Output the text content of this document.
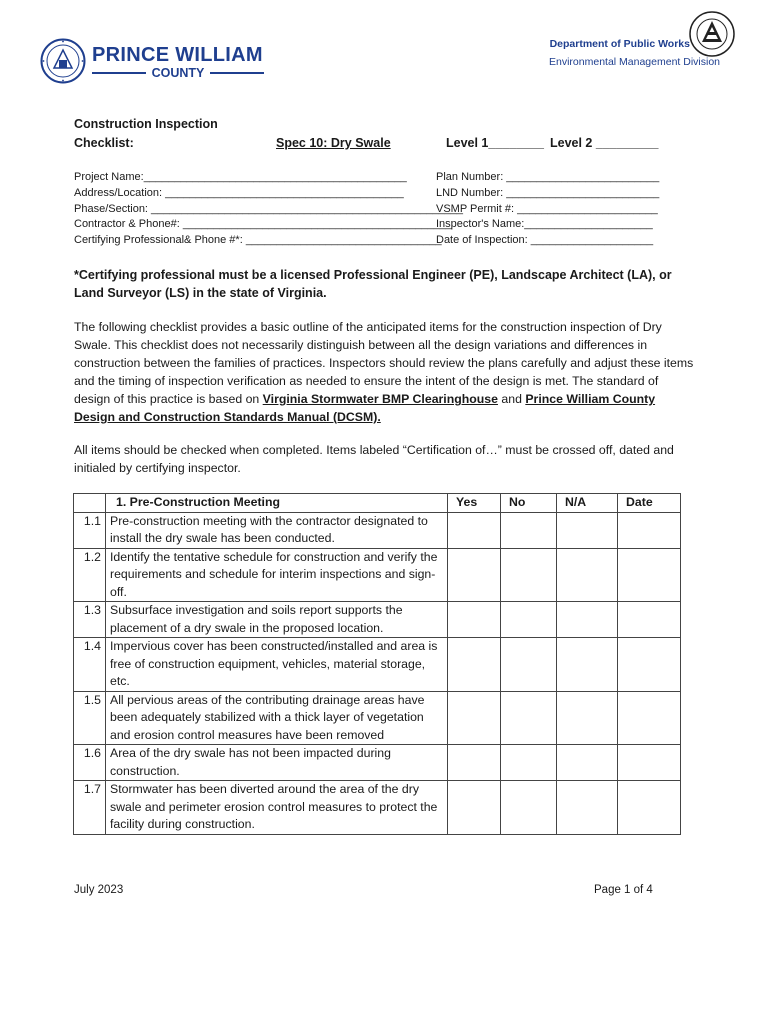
PRINCE WILLIAM
COUNTY
Department of Public Works
Environmental Management Division
Construction Inspection
Checklist:	Spec 10: Dry Swale	Level 1________ Level 2 _________
Project Name:___________________________________________
Address/Location: _______________________________________
Phase/Section: ___________________________________________________
Contractor & Phone#: ____________________________________________
Certifying Professional& Phone #*: ________________________________
Plan Number: _________________________
LND Number: _________________________
VSMP Permit #: _______________________
Inspector's Name:_____________________
Date of Inspection: ____________________
*Certifying professional must be a licensed Professional Engineer (PE), Landscape Architect (LA), or Land Surveyor (LS) in the state of Virginia.
The following checklist provides a basic outline of the anticipated items for the construction inspection of Dry Swale. This checklist does not necessarily distinguish between all the design variations and differences in construction between the families of practices. Inspectors should review the plans carefully and adjust these items and the timing of inspection verification as needed to ensure the intent of the design is met. The standard of design of this practice is based on Virginia Stormwater BMP Clearinghouse and Prince William County Design and Construction Standards Manual (DCSM).
All items should be checked when completed. Items labeled “Certification of…” must be crossed off, dated and initialed by certifying inspector.
	1. Pre-Construction Meeting	Yes	No	N/A	Date
1.1	Pre-construction meeting with the contractor designated to install the dry swale has been conducted.				
1.2	Identify the tentative schedule for construction and verify the requirements and schedule for interim inspections and sign-off.				
1.3	Subsurface investigation and soils report supports the placement of a dry swale in the proposed location.				
1.4	Impervious cover has been constructed/installed and area is free of construction equipment, vehicles, material storage, etc.				
1.5	All pervious areas of the contributing drainage areas have been adequately stabilized with a thick layer of vegetation and erosion control measures have been removed				
1.6	Area of the dry swale has not been impacted during construction.				
1.7	Stormwater has been diverted around the area of the dry swale and perimeter erosion control measures to protect the facility during construction.				
July 2023	Page 1 of 4
